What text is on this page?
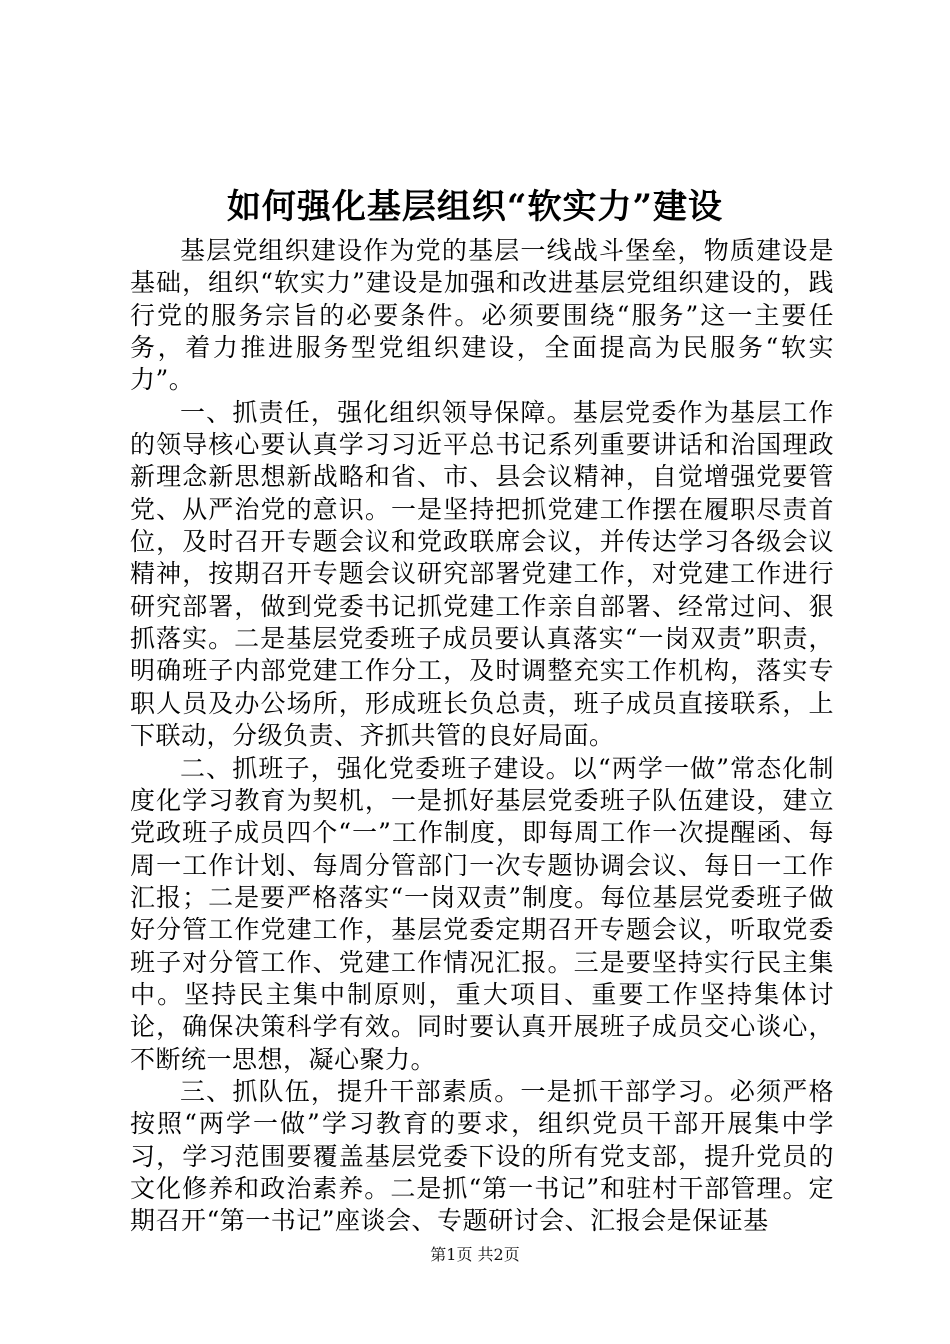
如何强化基层组织“软实力”建设

基层党组织建设作为党的基层一线战斗堡垒，物质建设是基础，组织“软实力”建设是加强和改进基层党组织建设的，践行党的服务宗旨的必要条件。必须要围绕“服务”这一主要任务，着力推进服务型党组织建设，全面提高为民服务“软实力”。

一、抓责任，强化组织领导保障。基层党委作为基层工作的领导核心要认真学习习近平总书记系列重要讲话和治国理政新理念新思想新战略和省、市、县会议精神，自觉增强党要管党、从严治党的意识。一是坚持把抓党建工作摆在履职尽责首位，及时召开专题会议和党政联席会议，并传达学习各级会议精神，按期召开专题会议研究部署党建工作，对党建工作进行研究部署，做到党委书记抓党建工作亲自部署、经常过问、狠抓落实。二是基层党委班子成员要认真落实“一岗双责”职责，明确班子内部党建工作分工，及时调整充实工作机构，落实专职人员及办公场所，形成班长负总责，班子成员直接联系，上下联动，分级负责、齐抓共管的良好局面。

二、抓班子，强化党委班子建设。以“两学一做”常态化制度化学习教育为契机，一是抓好基层党委班子队伍建设，建立党政班子成员四个“一”工作制度，即每周工作一次提醒函、每周一工作计划、每周分管部门一次专题协调会议、每日一工作汇报；二是要严格落实“一岗双责”制度。每位基层党委班子做好分管工作党建工作，基层党委定期召开专题会议，听取党委班子对分管工作、党建工作情况汇报。三是要坚持实行民主集中。坚持民主集中制原则，重大项目、重要工作坚持集体讨论，确保决策科学有效。同时要认真开展班子成员交心谈心，不断统一思想，凝心聚力。

三、抓队伍，提升干部素质。一是抓干部学习。必须严格按照“两学一做”学习教育的要求，组织党员干部开展集中学习，学习范围要覆盖基层党委下设的所有党支部，提升党员的文化修养和政治素养。二是抓“第一书记”和驻村干部管理。定期召开“第一书记”座谈会、专题研讨会、汇报会是保证基

第1页 共2页
